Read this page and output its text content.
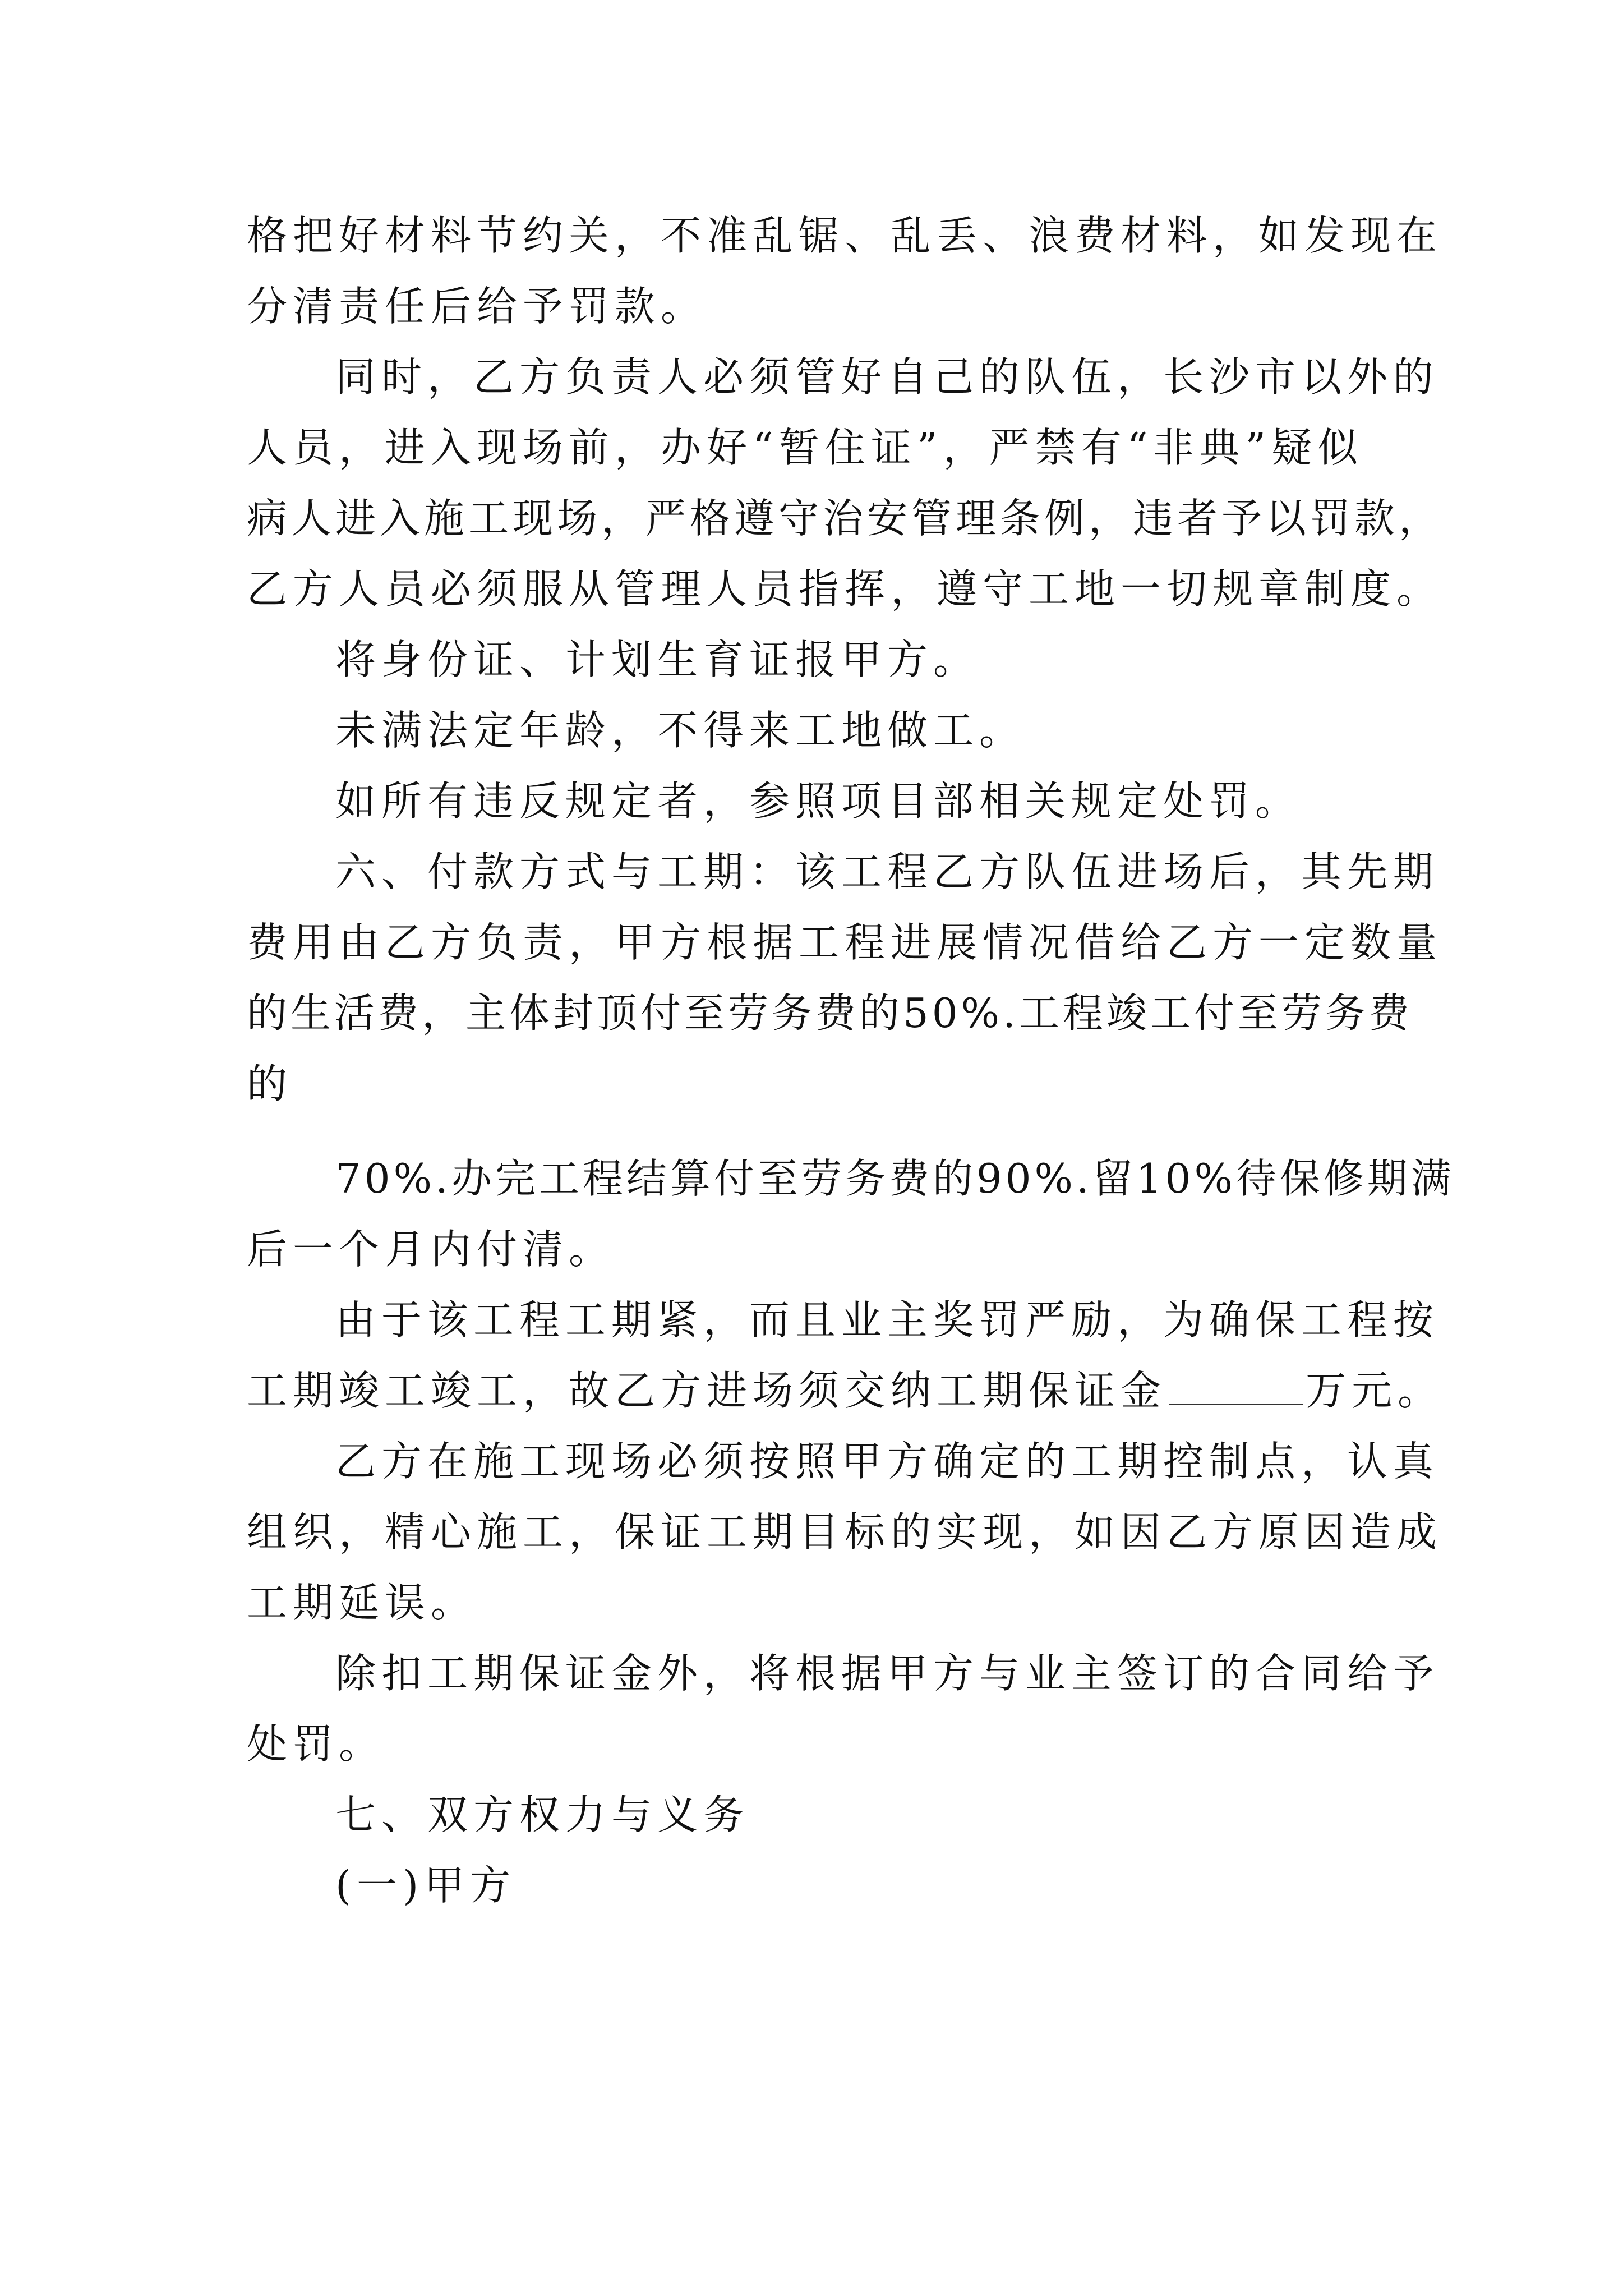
格把好材料节约关，不准乱锯、乱丢、浪费材料，如发现在
分清责任后给予罚款。
同时，乙方负责人必须管好自己的队伍，长沙市以外的
人员，进入现场前，办好“暂住证”，严禁有“非典”疑似
病人进入施工现场，严格遵守治安管理条例，违者予以罚款，
乙方人员必须服从管理人员指挥，遵守工地一切规章制度。
将身份证、计划生育证报甲方。
未满法定年龄，不得来工地做工。
如所有违反规定者，参照项目部相关规定处罚。
六、付款方式与工期：该工程乙方队伍进场后，其先期
费用由乙方负责，甲方根据工程进展情况借给乙方一定数量
的生活费，主体封顶付至劳务费的50%.工程竣工付至劳务费
的
70%.办完工程结算付至劳务费的90%.留10%待保修期满
后一个月内付清。
由于该工程工期紧，而且业主奖罚严励，为确保工程按
工期竣工竣工，故乙方进场须交纳工期保证金	万元。
乙方在施工现场必须按照甲方确定的工期控制点，认真
组织，精心施工，保证工期目标的实现，如因乙方原因造成
工期延误。
除扣工期保证金外，将根据甲方与业主签订的合同给予
处罚。
七、双方权力与义务
(一)甲方
